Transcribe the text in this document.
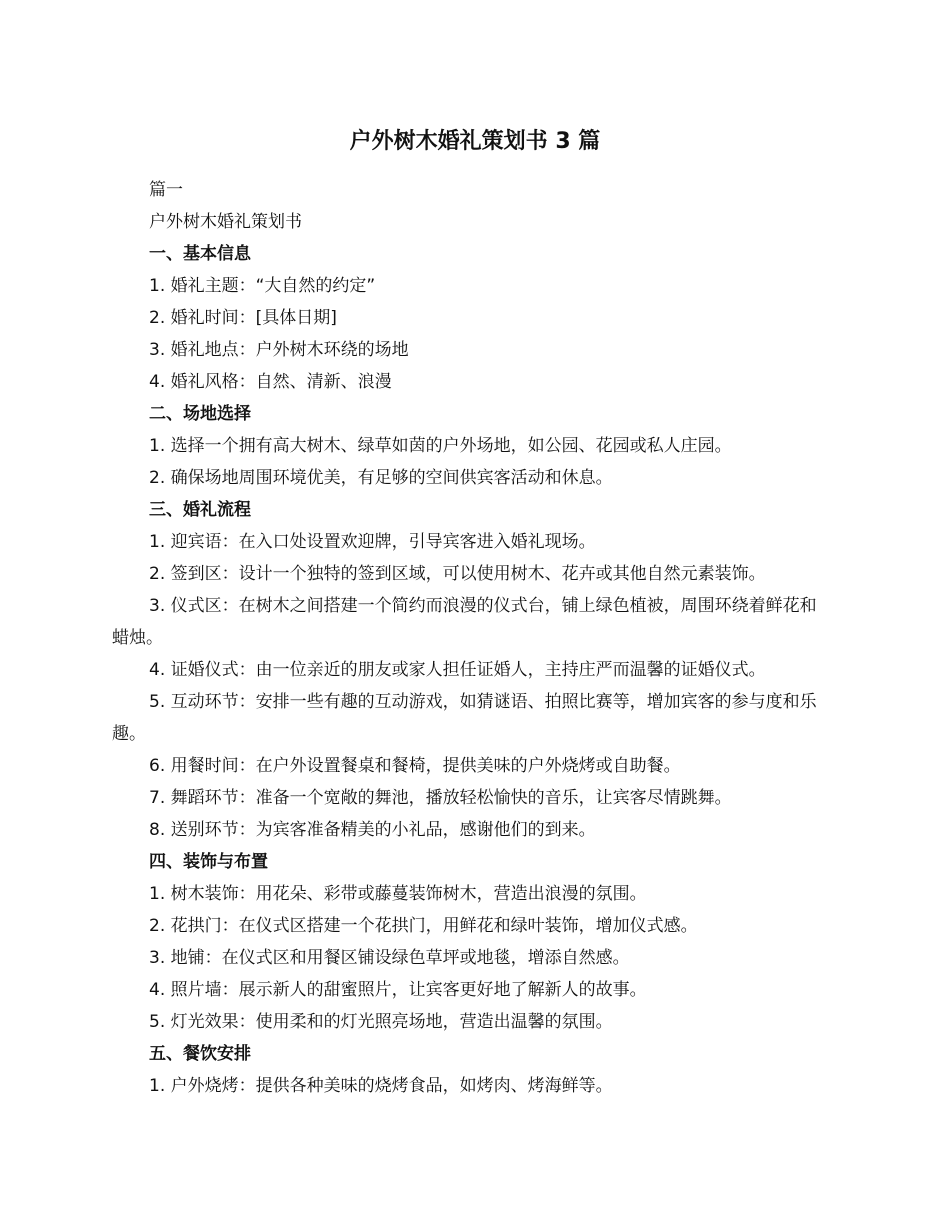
户外树木婚礼策划书 3 篇

篇一

户外树木婚礼策划书

一、基本信息

1. 婚礼主题：“大自然的约定”

2. 婚礼时间：[具体日期]

3. 婚礼地点：户外树木环绕的场地

4. 婚礼风格：自然、清新、浪漫

二、场地选择

1. 选择一个拥有高大树木、绿草如茵的户外场地，如公园、花园或私人庄园。

2. 确保场地周围环境优美，有足够的空间供宾客活动和休息。

三、婚礼流程

1. 迎宾语：在入口处设置欢迎牌，引导宾客进入婚礼现场。

2. 签到区：设计一个独特的签到区域，可以使用树木、花卉或其他自然元素装饰。

3. 仪式区：在树木之间搭建一个简约而浪漫的仪式台，铺上绿色植被，周围环绕着鲜花和蜡烛。

4. 证婚仪式：由一位亲近的朋友或家人担任证婚人，主持庄严而温馨的证婚仪式。

5. 互动环节：安排一些有趣的互动游戏，如猜谜语、拍照比赛等，增加宾客的参与度和乐趣。

6. 用餐时间：在户外设置餐桌和餐椅，提供美味的户外烧烤或自助餐。

7. 舞蹈环节：准备一个宽敞的舞池，播放轻松愉快的音乐，让宾客尽情跳舞。

8. 送别环节：为宾客准备精美的小礼品，感谢他们的到来。

四、装饰与布置

1. 树木装饰：用花朵、彩带或藤蔓装饰树木，营造出浪漫的氛围。

2. 花拱门：在仪式区搭建一个花拱门，用鲜花和绿叶装饰，增加仪式感。

3. 地铺：在仪式区和用餐区铺设绿色草坪或地毯，增添自然感。

4. 照片墙：展示新人的甜蜜照片，让宾客更好地了解新人的故事。

5. 灯光效果：使用柔和的灯光照亮场地，营造出温馨的氛围。

五、餐饮安排

1. 户外烧烤：提供各种美味的烧烤食品，如烤肉、烤海鲜等。
